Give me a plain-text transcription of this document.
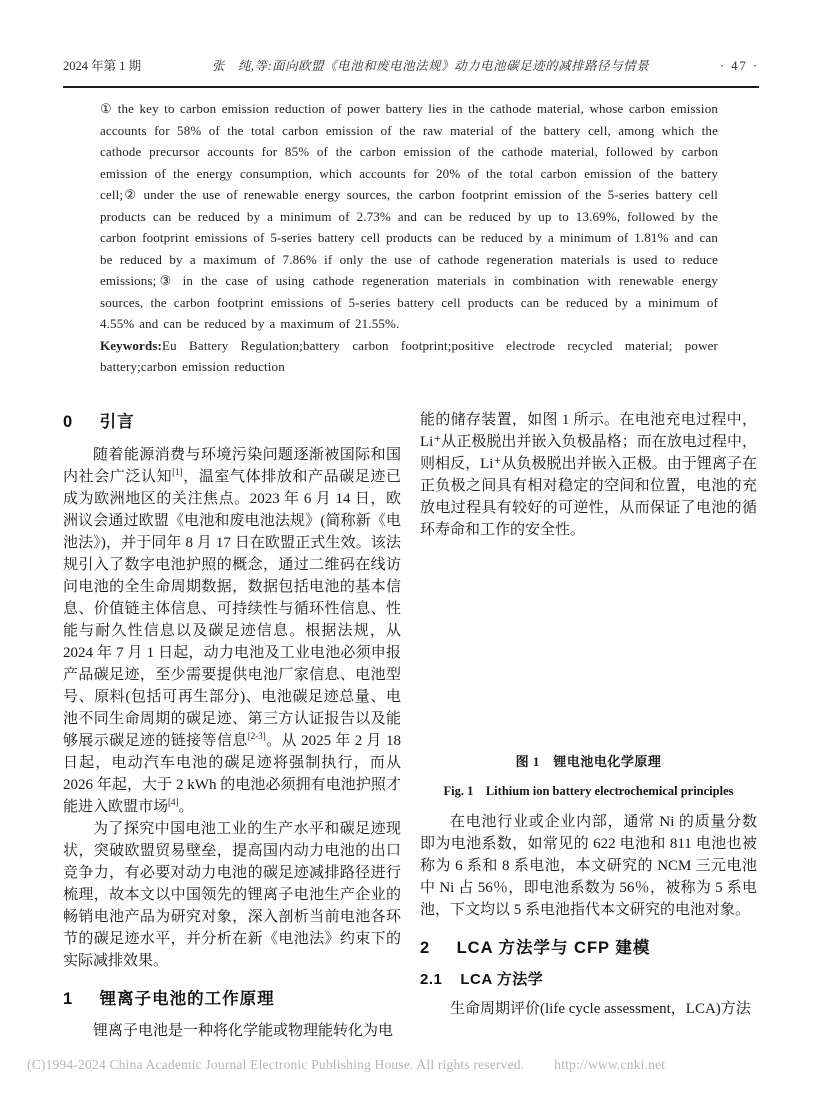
2024 年第 1 期	张　纯,等:面向欧盟《电池和废电池法规》动力电池碳足迹的减排路径与情景	· 47 ·

① the key to carbon emission reduction of power battery lies in the cathode material, whose carbon emission accounts for 58% of the total carbon emission of the raw material of the battery cell, among which the cathode precursor accounts for 85% of the carbon emission of the cathode material, followed by carbon emission of the energy consumption, which accounts for 20% of the total carbon emission of the battery cell;② under the use of renewable energy sources, the carbon footprint emission of the 5-series battery cell products can be reduced by a minimum of 2.73% and can be reduced by up to 13.69%, followed by the carbon footprint emissions of 5-series battery cell products can be reduced by a minimum of 1.81% and can be reduced by a maximum of 7.86% if only the use of cathode regeneration materials is used to reduce emissions;③ in the case of using cathode regeneration materials in combination with renewable energy sources, the carbon footprint emissions of 5-series battery cell products can be reduced by a minimum of 4.55% and can be reduced by a maximum of 21.55%.

Keywords:Eu Battery Regulation;battery carbon footprint;positive electrode recycled material; power battery;carbon emission reduction

0 引言

随着能源消费与环境污染问题逐渐被国际和国内社会广泛认知[1]，温室气体排放和产品碳足迹已成为欧洲地区的关注焦点。2023 年 6 月 14 日，欧洲议会通过欧盟《电池和废电池法规》(简称新《电池法》)，并于同年 8 月 17 日在欧盟正式生效。该法规引入了数字电池护照的概念，通过二维码在线访问电池的全生命周期数据，数据包括电池的基本信息、价值链主体信息、可持续性与循环性信息、性能与耐久性信息以及碳足迹信息。根据法规，从 2024 年 7 月 1 日起，动力电池及工业电池必须申报产品碳足迹，至少需要提供电池厂家信息、电池型号、原料(包括可再生部分)、电池碳足迹总量、电池不同生命周期的碳足迹、第三方认证报告以及能够展示碳足迹的链接等信息[2-3]。从 2025 年 2 月 18 日起，电动汽车电池的碳足迹将强制执行，而从 2026 年起，大于 2 kWh 的电池必须拥有电池护照才能进入欧盟市场[4]。

为了探究中国电池工业的生产水平和碳足迹现状，突破欧盟贸易壁垒，提高国内动力电池的出口竞争力，有必要对动力电池的碳足迹减排路径进行梳理，故本文以中国领先的锂离子电池生产企业的畅销电池产品为研究对象，深入剖析当前电池各环节的碳足迹水平，并分析在新《电池法》约束下的实际减排效果。

1 锂离子电池的工作原理

锂离子电池是一种将化学能或物理能转化为电

能的储存装置，如图 1 所示。在电池充电过程中，Li⁺从正极脱出并嵌入负极晶格；而在放电过程中，则相反，Li⁺从负极脱出并嵌入正极。由于锂离子在正负极之间具有相对稳定的空间和位置，电池的充放电过程具有较好的可逆性，从而保证了电池的循环寿命和工作的安全性。

图 1　锂电池电化学原理

Fig. 1　Lithium ion battery electrochemical principles

在电池行业或企业内部，通常 Ni 的质量分数即为电池系数，如常见的 622 电池和 811 电池也被称为 6 系和 8 系电池，本文研究的 NCM 三元电池中 Ni 占 56％，即电池系数为 56％，被称为 5 系电池，下文均以 5 系电池指代本文研究的电池对象。

2 LCA 方法学与 CFP 建模
2.1 LCA 方法学

生命周期评价(life cycle assessment，LCA)方法

(C)1994-2024 China Academic Journal Electronic Publishing House. All rights reserved. http://www.cnki.net
